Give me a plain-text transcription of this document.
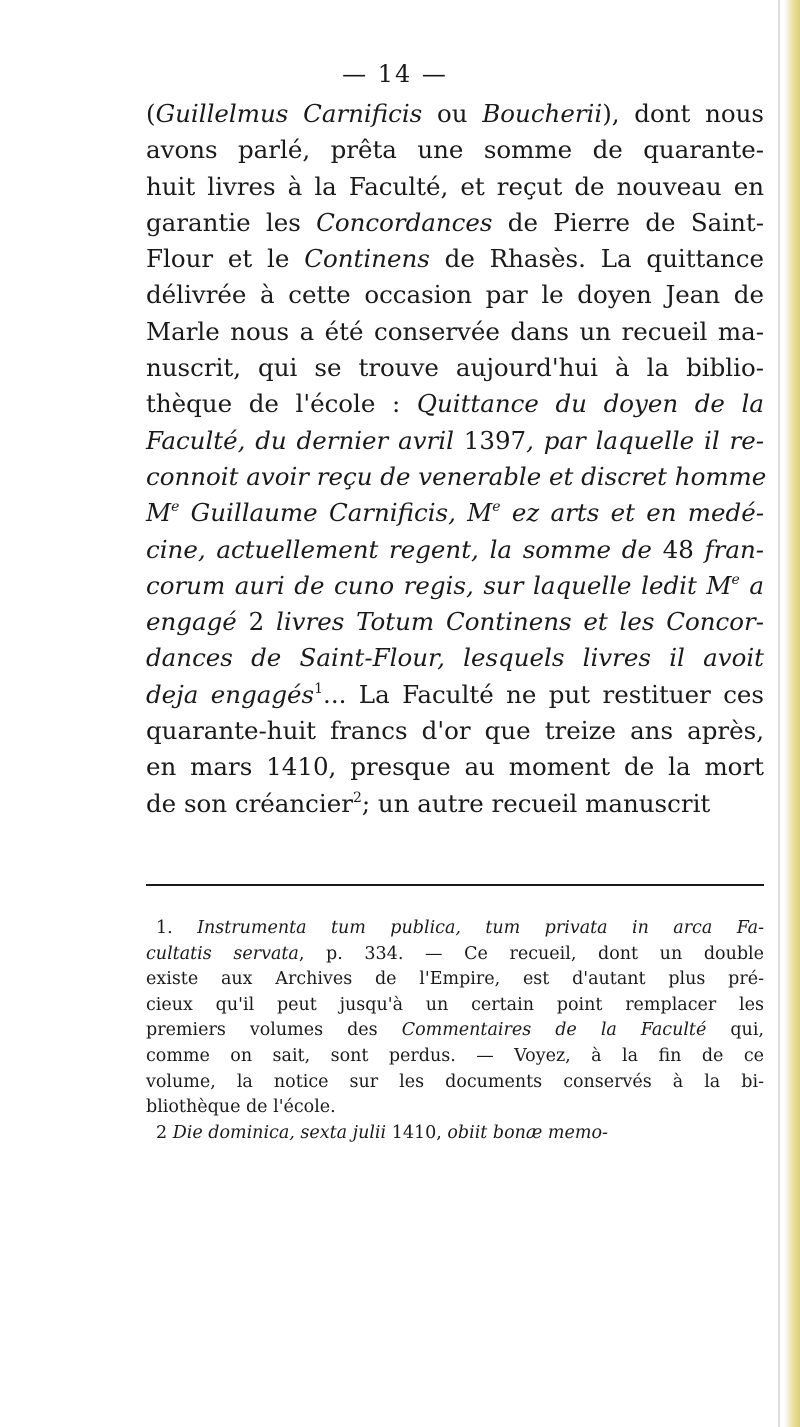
— 14 —
(Guillelmus Carnificis ou Boucherii), dont nous
avons parlé, prêta une somme de quarante-
huit livres à la Faculté, et reçut de nouveau en
garantie les Concordances de Pierre de Saint-
Flour et le Continens de Rhasès. La quittance
délivrée à cette occasion par le doyen Jean de
Marle nous a été conservée dans un recueil ma-
nuscrit, qui se trouve aujourd'hui à la biblio-
thèque de l'école : Quittance du doyen de la
Faculté, du dernier avril 1397, par laquelle il re-
connoit avoir reçu de venerable et discret homme
Me Guillaume Carnificis, Me ez arts et en medé-
cine, actuellement regent, la somme de 48 fran-
corum auri de cuno regis, sur laquelle ledit Me a
engagé 2 livres Totum Continens et les Concor-
dances de Saint-Flour, lesquels livres il avoit
deja engagés$^1$... La Faculté ne put restituer ces
quarante-huit francs d'or que treize ans après,
en mars 1410, presque au moment de la mort
de son créancier$^2$; un autre recueil manuscrit
1. Instrumenta tum publica, tum privata in arca Fa-
cultatis servata, p. 334. — Ce recueil, dont un double
existe aux Archives de l'Empire, est d'autant plus pré-
cieux qu'il peut jusqu'à un certain point remplacer les
premiers volumes des Commentaires de la Faculté qui,
comme on sait, sont perdus. — Voyez, à la fin de ce
volume, la notice sur les documents conservés à la bi-
bliothèque de l'école.
2 Die dominica, sexta julii 1410, obiit bonæ memo-
